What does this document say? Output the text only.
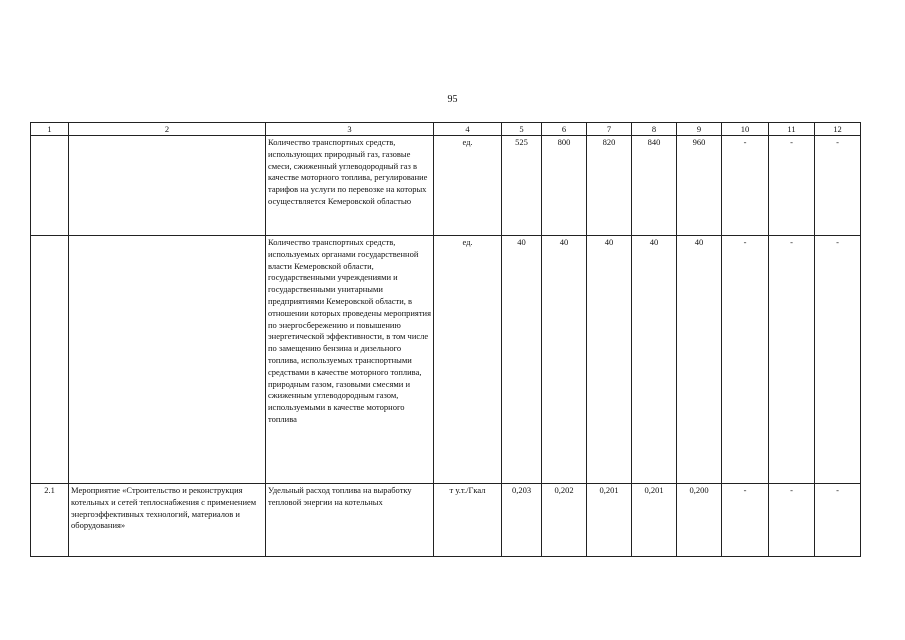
95
1	2	3	4	5	6	7	8	9	10	11	12
		Количество транспортных средств, использующих природный газ, газовые смеси, сжиженный углеводородный газ в качестве моторного топлива, регулирование тарифов на услуги по перевозке на которых осуществляется Кемеровской областью	ед.	525	800	820	840	960	-	-	-
		Количество транспортных средств, используемых органами государственной власти Кемеровской области, государственными учреждениями и государственными унитарными предприятиями Кемеровской области, в отношении которых проведены мероприятия по энергосбережению и повышению энергетической эффективности, в том числе по замещению бензина и дизельного топлива, используемых транспортными средствами в качестве моторного топлива, природным газом, газовыми смесями и сжиженным углеводородным газом, используемыми в качестве моторного топлива	ед.	40	40	40	40	40	-	-	-
2.1	Мероприятие «Строительство и реконструкция котельных и сетей теплоснабжения с применением энергоэффективных технологий, материалов и оборудования»	Удельный расход топлива на выработку тепловой энергии на котельных	т у.т./Гкал	0,203	0,202	0,201	0,201	0,200	-	-	-
